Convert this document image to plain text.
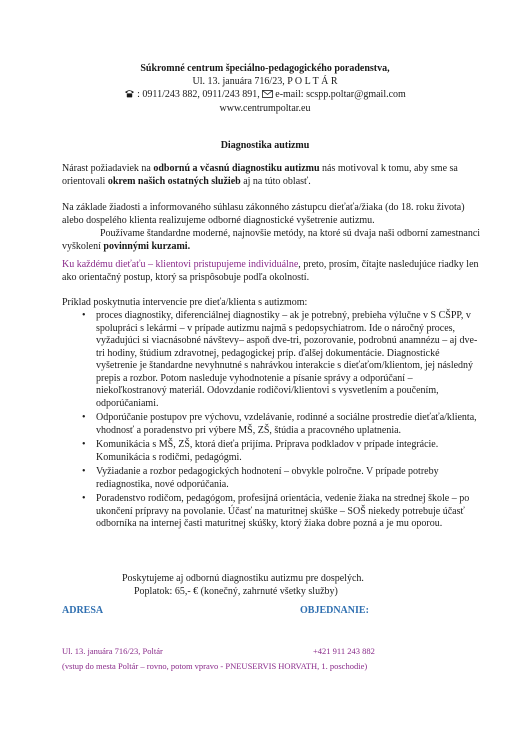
Súkromné centrum špeciálno-pedagogického poradenstva,
Ul. 13. januára 716/23, P O L T Á R
: 0911/243 882, 0911/243 891, e-mail: scspp.poltar@gmail.com
www.centrumpoltar.eu
Diagnostika autizmu
Nárast požiadaviek na odbornú a včasnú diagnostiku autizmu nás motivoval k tomu, aby sme sa orientovali okrem našich ostatných služieb aj na túto oblasť.
Na základe žiadosti a informovaného súhlasu zákonného zástupcu dieťaťa/žiaka (do 18. roku života) alebo dospelého klienta realizujeme odborné diagnostické vyšetrenie autizmu.
Používame štandardne moderné, najnovšie metódy, na ktoré sú dvaja naši odborní zamestnanci vyškolení povinnými kurzami.
Ku každému dieťaťu – klientovi pristupujeme individuálne, preto, prosím, čítajte nasledujúce riadky len ako orientačný postup, ktorý sa prispôsobuje podľa okolností.
Príklad poskytnutia intervencie pre dieťa/klienta s autizmom:
• proces diagnostiky, diferenciálnej diagnostiky – ak je potrebný, prebieha výlučne v S CŠPP, v spolupráci s lekármi – v prípade autizmu najmä s pedopsychiatrom. Ide o náročný proces, vyžadujúci si viacnásobné návštevy– aspoň dve-tri, pozorovanie, podrobnú anamnézu – aj dve-tri hodiny, štúdium zdravotnej, pedagogickej príp. ďalšej dokumentácie. Diagnostické vyšetrenie je štandardne nevyhnutné s nahrávkou interakcie s dieťaťom/klientom, jej následný prepis a rozbor. Potom nasleduje vyhodnotenie a písanie správy a odporúčaní – niekoľkostranový materiál. Odovzdanie rodičovi/klientovi s vysvetlením a poučením, odporúčaniami.
• Odporúčanie postupov pre výchovu, vzdelávanie, rodinné a sociálne prostredie dieťaťa/klienta, vhodnosť a poradenstvo pri výbere MŠ, ZŠ, štúdia a pracovného uplatnenia.
• Komunikácia s MŠ, ZŠ, ktorá dieťa prijíma. Príprava podkladov v prípade integrácie. Komunikácia s rodičmi, pedagógmi.
• Vyžiadanie a rozbor pedagogických hodnotení – obvykle polročne. V prípade potreby rediagnostika, nové odporúčania.
• Poradenstvo rodičom, pedagógom, profesijná orientácia, vedenie žiaka na strednej škole – po ukončení prípravy na povolanie. Účasť na maturitnej skúške – SOŠ niekedy potrebuje účasť odborníka na internej časti maturitnej skúšky, ktorý žiaka dobre pozná a je mu oporou.
Poskytujeme aj odbornú diagnostiku autizmu pre dospelých.
Poplatok: 65,- € (konečný, zahrnuté všetky služby)
ADRESA	OBJEDNANIE:
Ul. 13. januára 716/23, Poltár	+421 911 243 882
(vstup do mesta Poltár – rovno, potom vpravo - PNEUSERVIS HORVATH, 1. poschodie)
